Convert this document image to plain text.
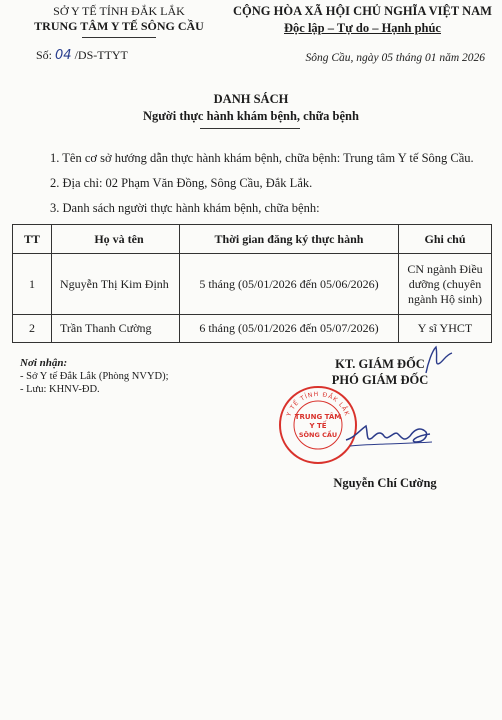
SỞ Y TẾ TỈNH ĐẮK LẮK
TRUNG TÂM Y TẾ SÔNG CẦU
Số: 04 /DS-TTYT
CỘNG HÒA XÃ HỘI CHỦ NGHĨA VIỆT NAM
Độc lập – Tự do – Hạnh phúc
Sông Cầu, ngày 05 tháng 01 năm 2026
DANH SÁCH
Người thực hành khám bệnh, chữa bệnh
1. Tên cơ sở hướng dẫn thực hành khám bệnh, chữa bệnh: Trung tâm Y tế Sông Cầu.
2. Địa chỉ: 02 Phạm Văn Đồng, Sông Cầu, Đắk Lắk.
3. Danh sách người thực hành khám bệnh, chữa bệnh:
TT	Họ và tên	Thời gian đăng ký thực hành	Ghi chú
1	Nguyễn Thị Kim Định	5 tháng (05/01/2026 đến 05/06/2026)	CN ngành Điều dưỡng (chuyên ngành Hộ sinh)
2	Trần Thanh Cường	6 tháng (05/01/2026 đến 05/07/2026)	Y sĩ YHCT
Nơi nhận:
- Sở Y tế Đắk Lắk (Phòng NVYD);
- Lưu: KHNV-ĐD.
KT. GIÁM ĐỐC
PHÓ GIÁM ĐỐC
Y TẾ TỈNH ĐẮK LẮK
TRUNG TÂM
Y TẾ
SÔNG CẦU
Nguyễn Chí Cường
